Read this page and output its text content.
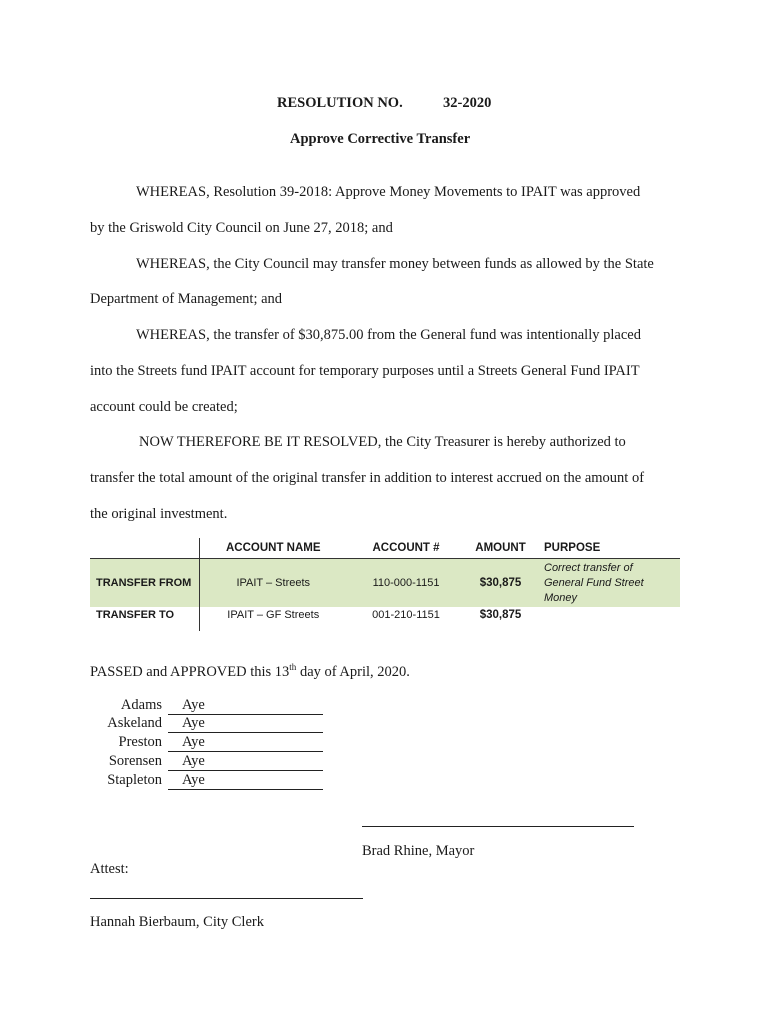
RESOLUTION NO.	32-2020
Approve Corrective Transfer
WHEREAS, Resolution 39-2018: Approve Money Movements to IPAIT was approved
by the Griswold City Council on June 27, 2018; and
WHEREAS, the City Council may transfer money between funds as allowed by the State
Department of Management; and
WHEREAS, the transfer of $30,875.00 from the General fund was intentionally placed
into the Streets fund IPAIT account for temporary purposes until a Streets General Fund IPAIT
account could be created;
NOW THEREFORE BE IT RESOLVED, the City Treasurer is hereby authorized to
transfer the total amount of the original transfer in addition to interest accrued on the amount of
the original investment.
	ACCOUNT NAME	ACCOUNT #	AMOUNT	PURPOSE
TRANSFER FROM	IPAIT – Streets	110-000-1151	$30,875	Correct transfer of
General Fund Street
Money

TRANSFER TO	IPAIT – GF Streets	001-210-1151	$30,875	
PASSED and APPROVED this 13th day of April, 2020.
Adams	Aye
Askeland	Aye
Preston	Aye
Sorensen	Aye
Stapleton	Aye
Brad Rhine, Mayor
Attest:
Hannah Bierbaum, City Clerk
